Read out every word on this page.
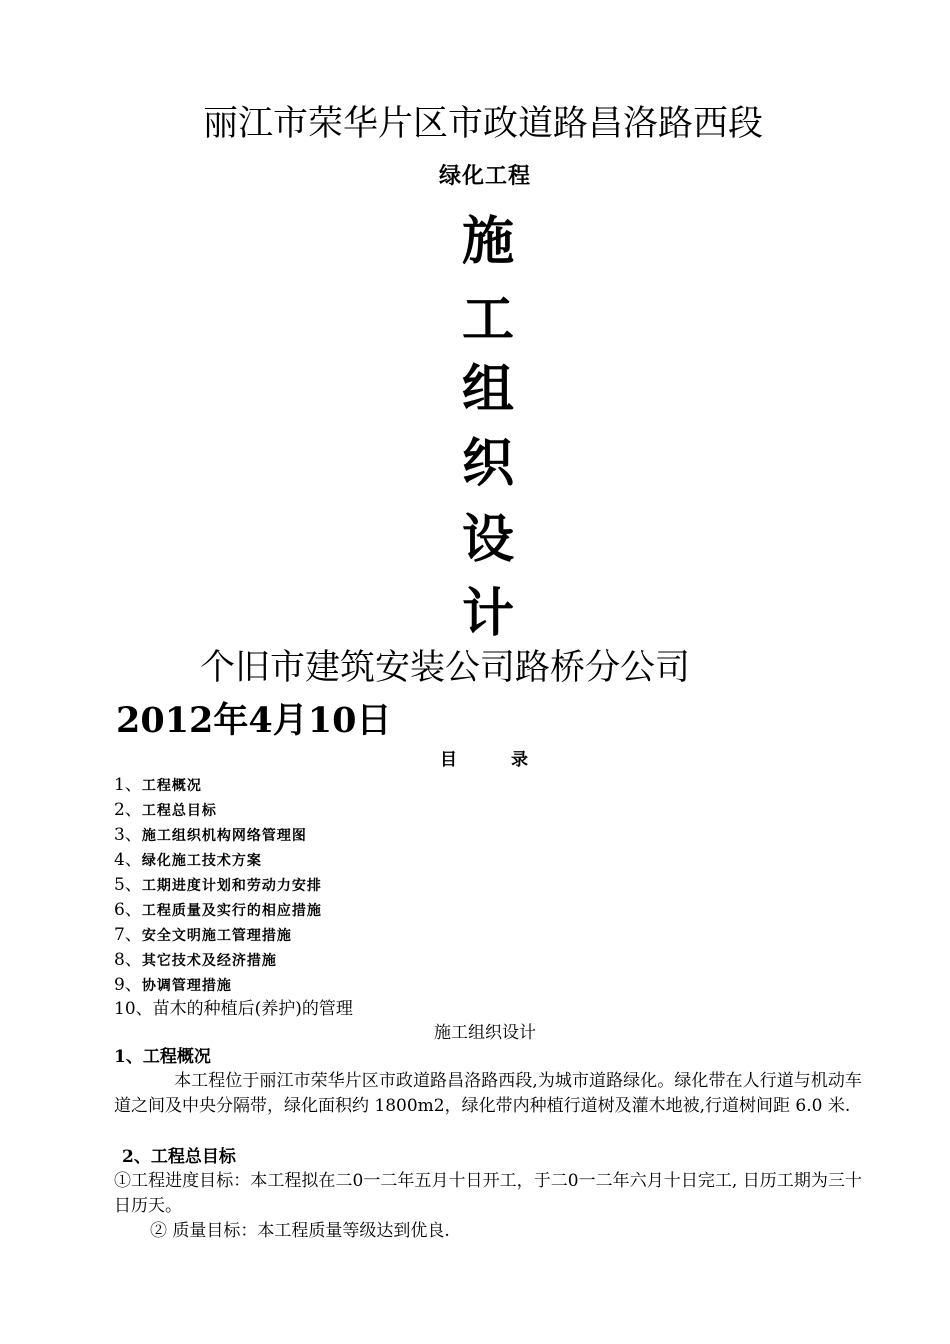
丽江市荣华片区市政道路昌洛路西段
绿化工程
施
工
组
织
设
计
个旧市建筑安装公司路桥分公司
2012年4月10日
目	录
1、工程概况
2、工程总目标
3、施工组织机构网络管理图
4、绿化施工技术方案
5、工期进度计划和劳动力安排
6、工程质量及实行的相应措施
7、安全文明施工管理措施
8、其它技术及经济措施
9、协调管理措施
10、苗木的种植后(养护)的管理
施工组织设计
1、工程概况
本工程位于丽江市荣华片区市政道路昌洛路西段,为城市道路绿化。绿化带在人行道与机动车道之间及中央分隔带，绿化面积约 1800m2，绿化带内种植行道树及灌木地被,行道树间距 6.0 米.
2、工程总目标
①工程进度目标：本工程拟在二0一二年五月十日开工，于二0一二年六月十日完工, 日历工期为三十日历天。
② 质量目标：本工程质量等级达到优良.
